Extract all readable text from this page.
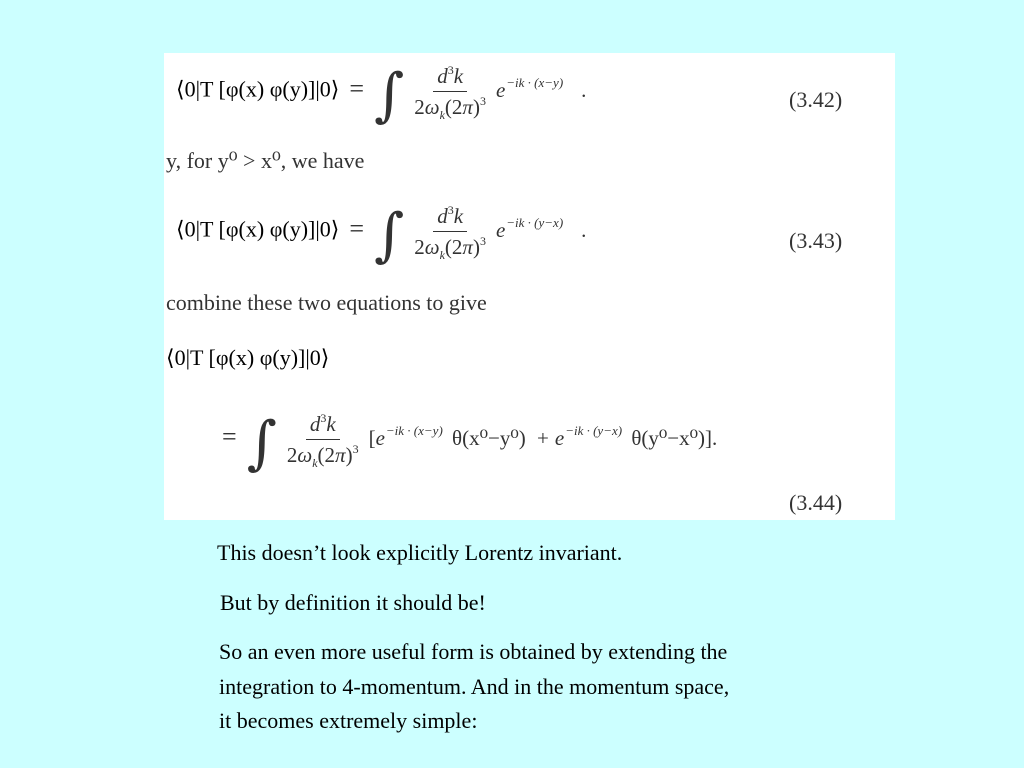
⟨0|T [φ(x) φ(y)]|0⟩ = ∫ $\frac{d^3k}{2\omega_k(2\pi)^3} e^{-ik \cdot (x-y)}$ .	(3.42)
y, for y⁰ > x⁰, we have
⟨0|T [φ(x) φ(y)]|0⟩ = ∫ $\frac{d^3k}{2\omega_k(2\pi)^3} e^{-ik \cdot (y-x)}$ .	(3.43)
combine these two equations to give
⟨0|T [φ(x) φ(y)]|0⟩
= ∫ $\frac{d^3k}{2\omega_k(2\pi)^3} [e^{-ik \cdot (x-y)}$ $\theta(x^0-y^0) + e^{-ik \cdot (y-x)}$ θ(y⁰−x⁰)].
(3.44)
This doesn’t look explicitly Lorentz invariant.
But by definition it should be!
So an even more useful form is obtained by extending the
integration to 4-momentum. And in the momentum space,
it becomes extremely simple:
